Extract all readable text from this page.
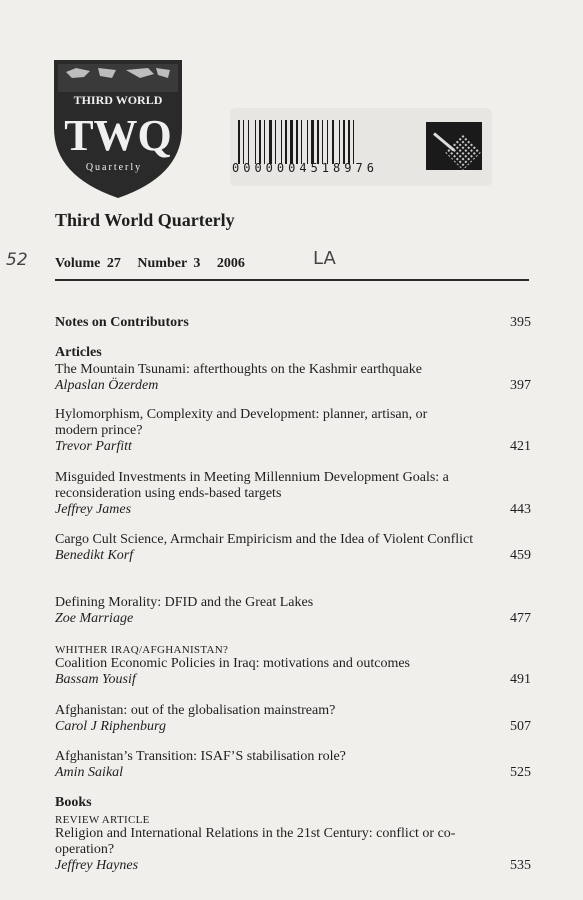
THIRD WORLD
TWQ
Quarterly	0000004518976
Third World Quarterly
52 Volume 27 Number 3 2006	LA
Notes on Contributors	395
Articles
The Mountain Tsunami: afterthoughts on the Kashmir earthquake
Alpaslan Özerdem	397
Hylomorphism, Complexity and Development: planner, artisan, or modern prince?
Trevor Parfitt	421
Misguided Investments in Meeting Millennium Development Goals: a reconsideration using ends-based targets
Jeffrey James	443
Cargo Cult Science, Armchair Empiricism and the Idea of Violent Conflict
Benedikt Korf	459
Defining Morality: DFID and the Great Lakes
Zoe Marriage	477
WHITHER IRAQ/AFGHANISTAN?
Coalition Economic Policies in Iraq: motivations and outcomes
Bassam Yousif	491
Afghanistan: out of the globalisation mainstream?
Carol J Riphenburg	507
Afghanistan’s Transition: ISAF’S stabilisation role?
Amin Saikal	525
Books
REVIEW ARTICLE
Religion and International Relations in the 21st Century: conflict or co-operation?
Jeffrey Haynes	535
